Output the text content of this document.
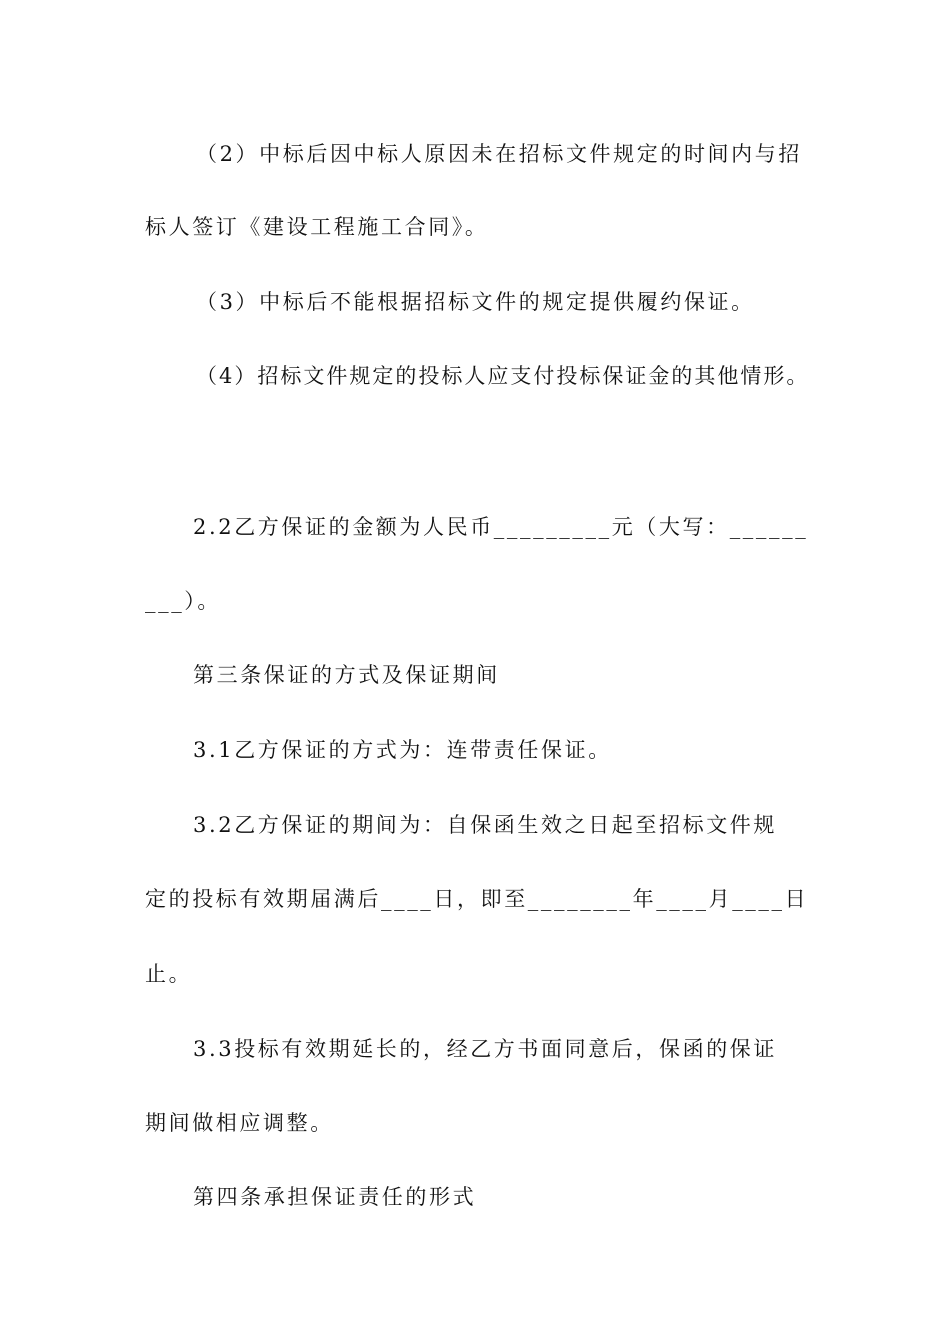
（2）中标后因中标人原因未在招标文件规定的时间内与招
标人签订《建设工程施工合同》。
（3）中标后不能根据招标文件的规定提供履约保证。
（4）招标文件规定的投标人应支付投标保证金的其他情形。
2.2乙方保证的金额为人民币_________元（大写：______
___）。
第三条保证的方式及保证期间
3.1乙方保证的方式为：连带责任保证。
3.2乙方保证的期间为：自保函生效之日起至招标文件规
定的投标有效期届满后____日，即至________年____月____日
止。
3.3投标有效期延长的，经乙方书面同意后，保函的保证
期间做相应调整。
第四条承担保证责任的形式
